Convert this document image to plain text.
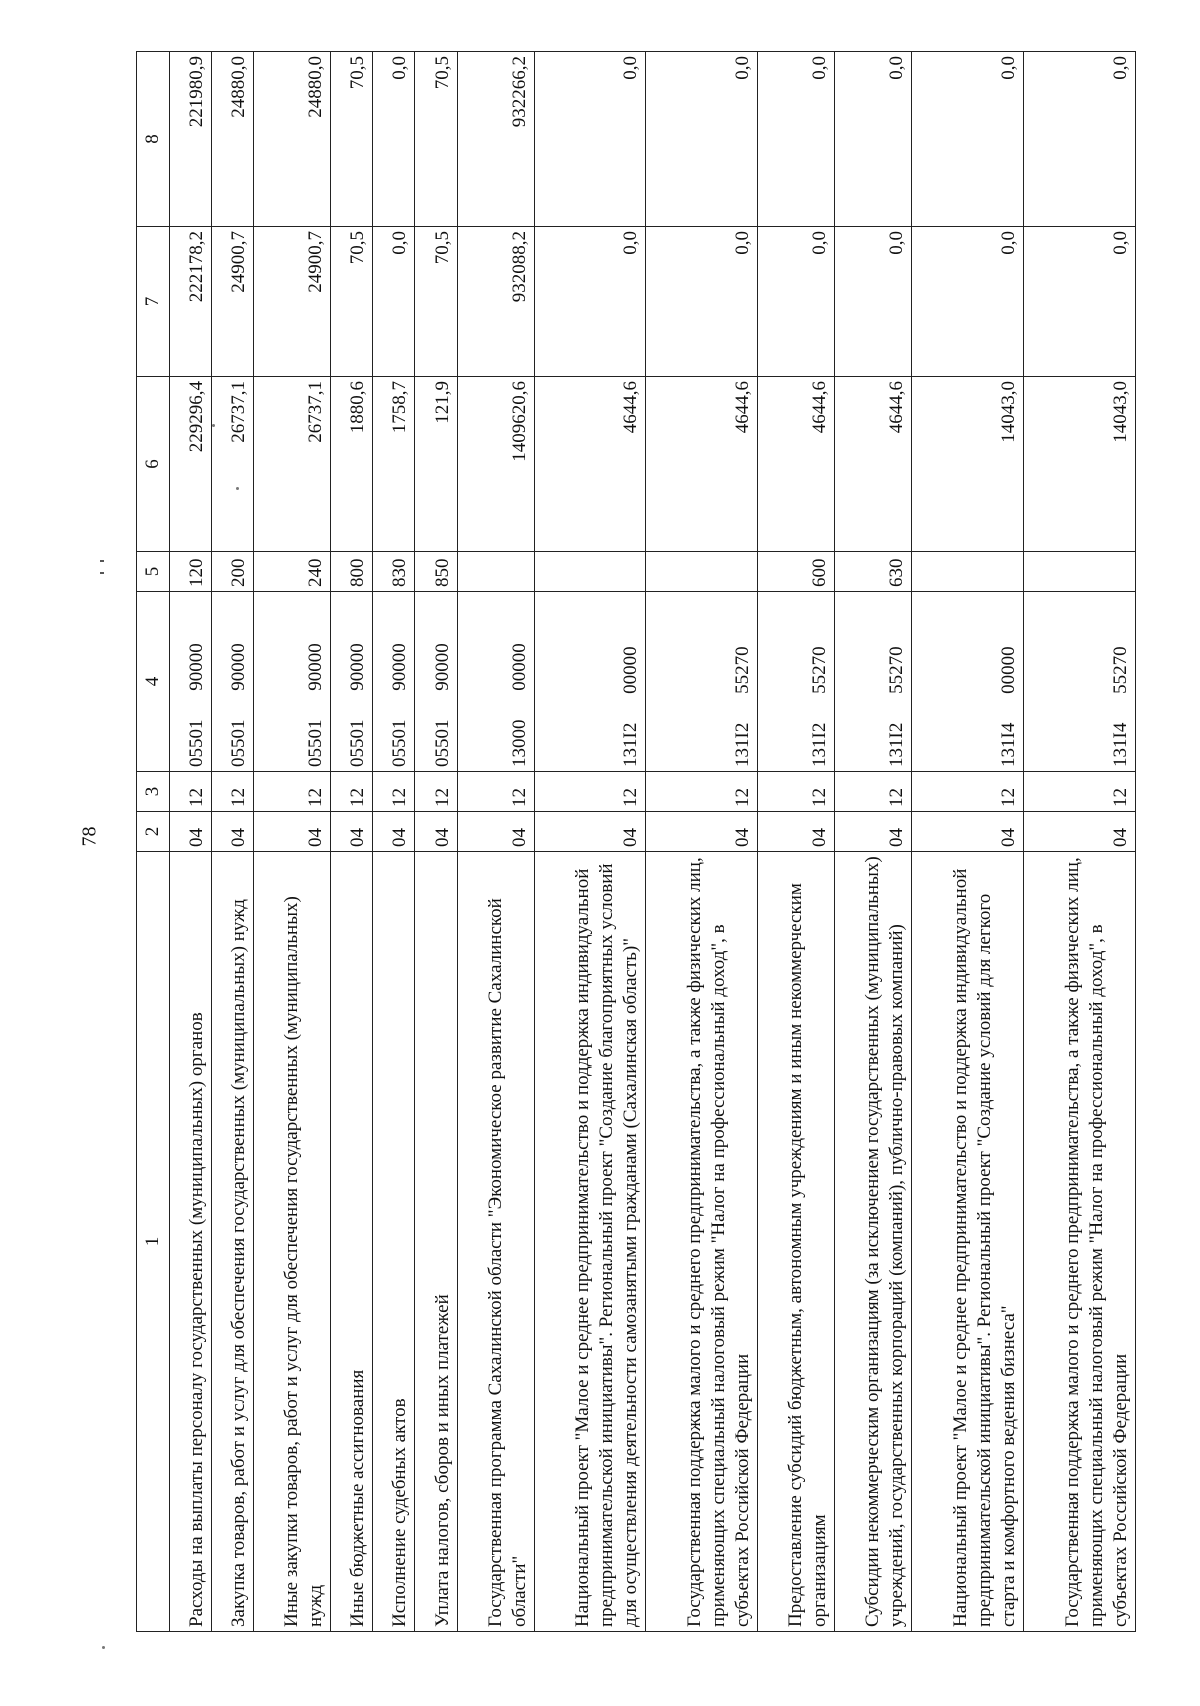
78
1	2	3	4	5	6	7	8
Расходы на выплаты персоналу государственных (муниципальных) органов	04	12	05501 90000	120	229296,4	222178,2	221980,9
Закупка товаров, работ и услуг для обеспечения государственных (муниципальных) нужд	04	12	05501 90000	200	26737,1	24900,7	24880,0
Иные закупки товаров, работ и услуг для обеспечения государственных (муниципальных) нужд	04	12	05501 90000	240	26737,1	24900,7	24880,0
Иные бюджетные ассигнования	04	12	05501 90000	800	1880,6	70,5	70,5
Исполнение судебных актов	04	12	05501 90000	830	1758,7	0,0	0,0
Уплата налогов, сборов и иных платежей	04	12	05501 90000	850	121,9	70,5	70,5
Государственная программа Сахалинской области "Экономическое развитие Сахалинской области"	04	12	13000 00000		1409620,6	932088,2	932266,2
Национальный проект "Малое и среднее предпринимательство и поддержка индивидуальной предпринимательской инициативы". Региональный проект "Создание благоприятных условий для осуществления деятельности самозанятыми гражданами (Сахалинская область)"	04	12	131I2 00000		4644,6	0,0	0,0
Государственная поддержка малого и среднего предпринимательства, а также физических лиц, применяющих специальный налоговый режим "Налог на профессиональный доход", в субъектах Российской Федерации	04	12	131I2 55270		4644,6	0,0	0,0
Предоставление субсидий бюджетным, автономным учреждениям и иным некоммерческим организациям	04	12	131I2 55270	600	4644,6	0,0	0,0
Субсидии некоммерческим организациям (за исключением государственных (муниципальных) учреждений, государственных корпораций (компаний), публично-правовых компаний)	04	12	131I2 55270	630	4644,6	0,0	0,0
Национальный проект "Малое и среднее предпринимательство и поддержка индивидуальной предпринимательской инициативы". Региональный проект "Создание условий для легкого старта и комфортного ведения бизнеса"	04	12	131I4 00000		14043,0	0,0	0,0
Государственная поддержка малого и среднего предпринимательства, а также физических лиц, применяющих специальный налоговый режим "Налог на профессиональный доход", в субъектах Российской Федерации	04	12	131I4 55270		14043,0	0,0	0,0
